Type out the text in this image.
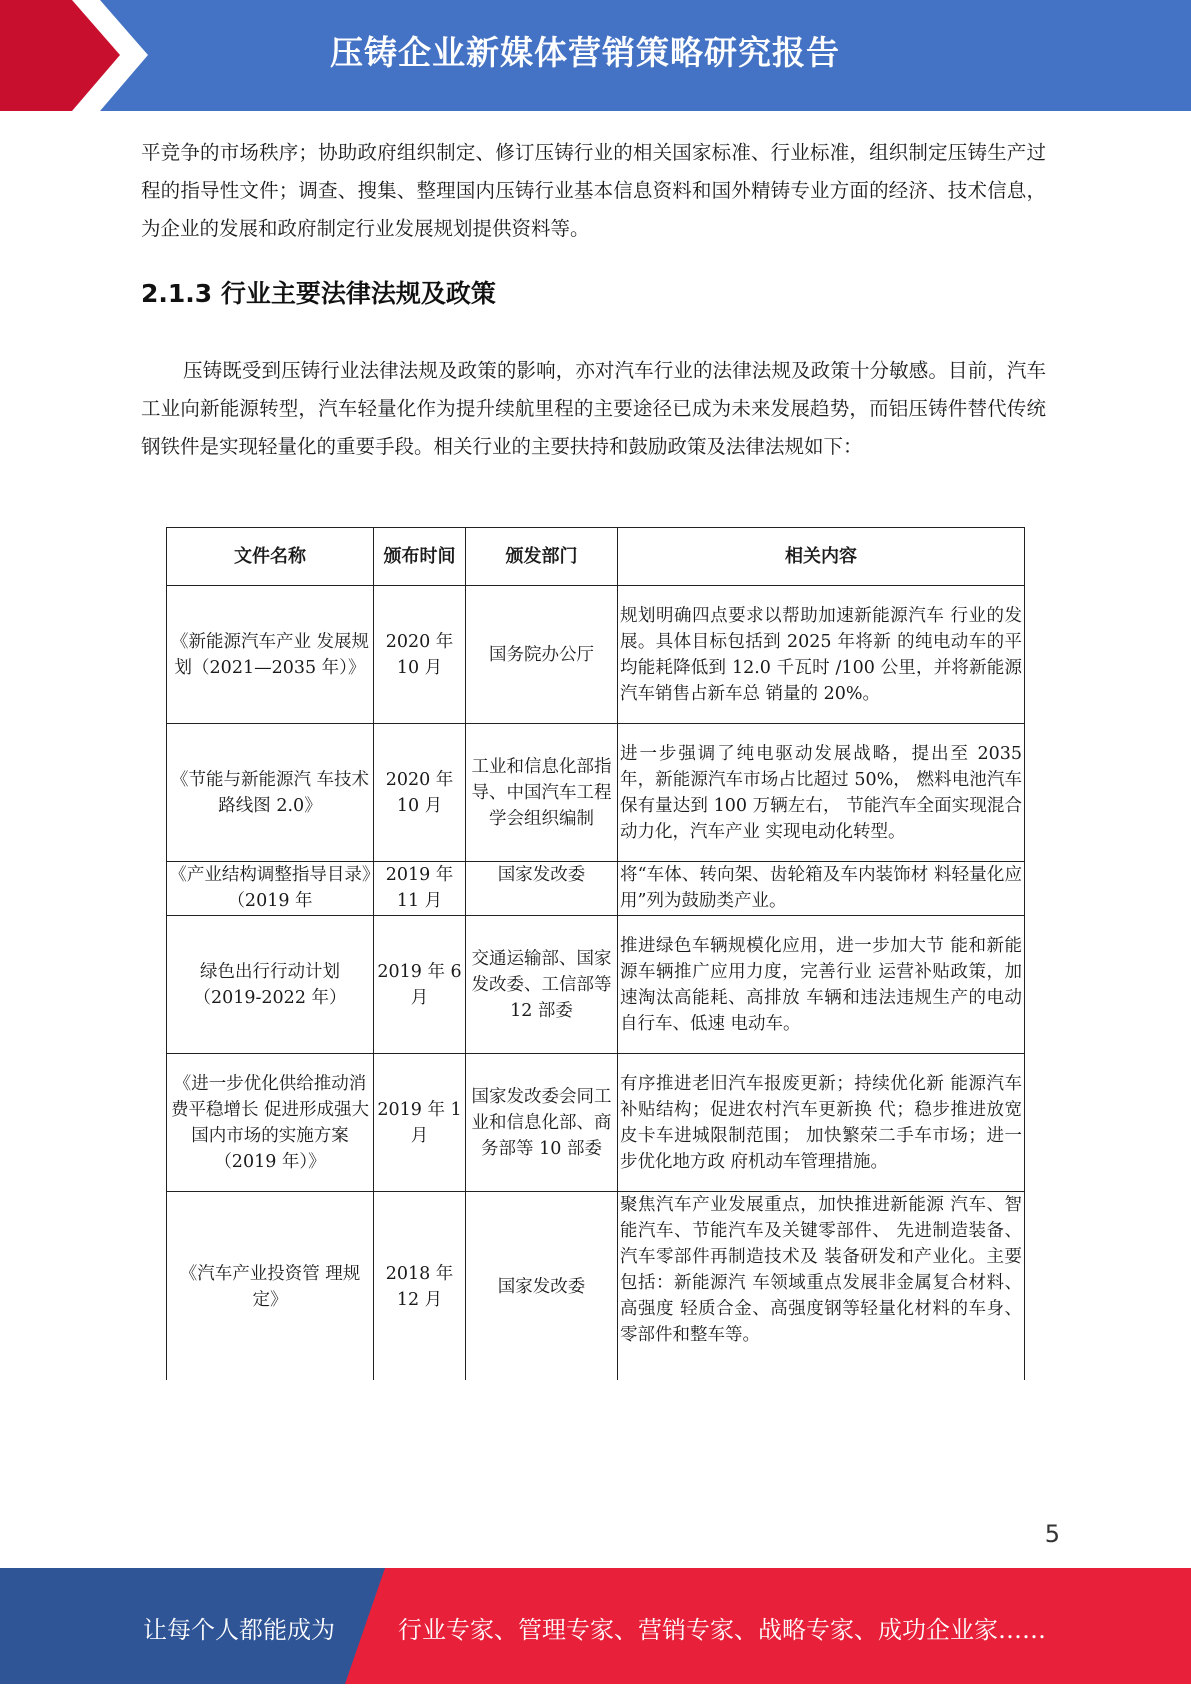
压铸企业新媒体营销策略研究报告

平竞争的市场秩序；协助政府组织制定、修订压铸行业的相关国家标准、行业标准，组织制定压铸生产过程的指导性文件；调查、搜集、整理国内压铸行业基本信息资料和国外精铸专业方面的经济、技术信息，为企业的发展和政府制定行业发展规划提供资料等。

2.1.3 行业主要法律法规及政策

压铸既受到压铸行业法律法规及政策的影响，亦对汽车行业的法律法规及政策十分敏感。目前，汽车工业向新能源转型，汽车轻量化作为提升续航里程的主要途径已成为未来发展趋势，而铝压铸件替代传统钢铁件是实现轻量化的重要手段。相关行业的主要扶持和鼓励政策及法律法规如下：

文件名称	颁布时间	颁发部门	相关内容
《新能源汽车产业 发展规划（2021—2035 年）》	2020 年 10 月	国务院办公厅	规划明确四点要求以帮助加速新能源汽车 行业的发展。具体目标包括到 2025 年将新 的纯电动车的平均能耗降低到 12.0 千瓦时 /100 公里，并将新能源汽车销售占新车总 销量的 20%。
《节能与新能源汽 车技术路线图 2.0》	2020 年 10 月	工业和信息化部指导、中国汽车工程学会组织编制	进一步强调了纯电驱动发展战略，提出至 2035 年，新能源汽车市场占比超过 50%， 燃料电池汽车保有量达到 100 万辆左右， 节能汽车全面实现混合动力化，汽车产业 实现电动化转型。
《产业结构调整指导目录》（2019 年	2019 年 11 月	国家发改委	将“车体、转向架、齿轮箱及车内装饰材 料轻量化应用”列为鼓励类产业。
绿色出行行动计划（2019-2022 年）	2019 年 6 月	交通运输部、国家发改委、工信部等 12 部委	推进绿色车辆规模化应用，进一步加大节 能和新能源车辆推广应用力度，完善行业 运营补贴政策，加速淘汰高能耗、高排放 车辆和违法违规生产的电动自行车、低速 电动车。
《进一步优化供给推动消费平稳增长 促进形成强大国内市场的实施方案（2019 年）》	2019 年 1 月	国家发改委会同工业和信息化部、商务部等 10 部委	有序推进老旧汽车报废更新；持续优化新 能源汽车补贴结构；促进农村汽车更新换 代；稳步推进放宽皮卡车进城限制范围； 加快繁荣二手车市场；进一步优化地方政 府机动车管理措施。
《汽车产业投资管 理规定》	2018 年 12 月	国家发改委	聚焦汽车产业发展重点，加快推进新能源 汽车、智能汽车、节能汽车及关键零部件、 先进制造装备、汽车零部件再制造技术及 装备研发和产业化。主要包括：新能源汽 车领域重点发展非金属复合材料、高强度 轻质合金、高强度钢等轻量化材料的车身、 零部件和整车等。
5
让每个人都能成为	行业专家、管理专家、营销专家、战略专家、成功企业家……
